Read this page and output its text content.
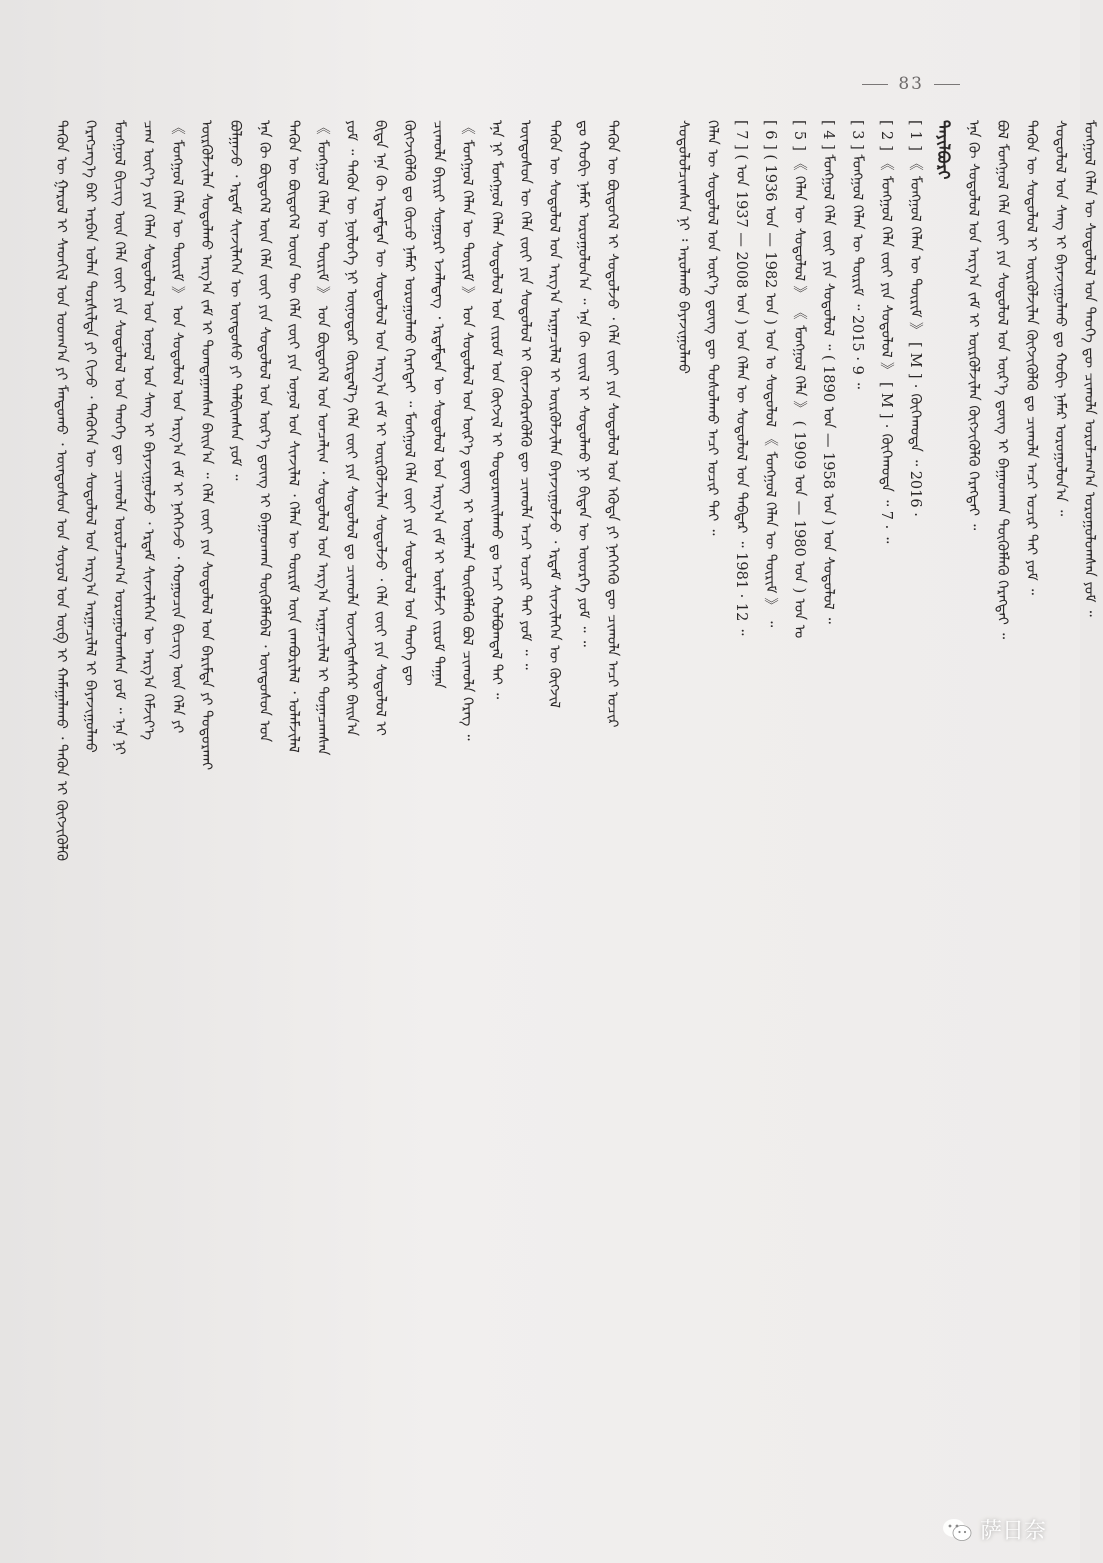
83
ᠲᠡᠭᠦᠨ ᠦ ᠭᠠᠷᠤᠯ ᠢ ᠰᠡᠳᠬᠢᠯ ᠤᠨ ᠤᠳᠬ᠎ᠠ ᠶᠢ ᠮᠠᠨᠳᠤᠬᠤ ᠂ ᠦᠨᠳᠦᠰᠦᠨ ᠤᠨ ᠰᠤᠶᠤᠯ ᠤᠨ ᠥᠪ ᠢ ᠬᠠᠮᠠᠭᠠᠯᠠᠬᠤ ᠂ ᠲᠡᠭᠦᠨ ᠢ ᠬᠥᠭᠵᠢᠭᠦᠯᠬᠦ ᠬᠡᠷᠡᠭᠴᠡᠭ᠎ᠡ ᠪᠠᠷ ᠠᠷᠪᠠᠨ ᠣᠯᠠᠨ ᠲᠤᠷᠰᠢᠯᠲᠠ ᠶᠢ ᠬᠢᠵᠦ ᠂ ᠲᠡᠭᠦᠬᠡᠨ ᠦ ᠰᠤᠳᠤᠯᠤᠯ ᠤᠨ ᠠᠷᠭ᠎ᠠ ᠠᠷᠭᠠᠴᠢᠯᠠᠯ ᠢ ᠪᠠᠶᠠᠵᠢᠭᠤᠯᠬᠤ ᠮᠣᠩᠭᠣᠯ ᠪᠢᠴᠢᠭ ᠦᠨ ᠬᠡᠯᠡ ᠵᠦᠢ ᠶᠢᠨ ᠰᠤᠳᠤᠯᠤᠯ ᠤᠨ ᠲᠡᠦᠬᠡ ᠳᠦ ᠴᠢᠬᠤᠯᠠ ᠤᠷᠤᠯᠴᠠᠭ᠎ᠠ ᠣᠷᠣᠭᠤᠯᠤᠭᠰᠠᠨ ᠶᠤᠮ ᠃ ᠡᠨᠡ ᠨᠢ ᠴᠠᠭ ᠦᠶ᠎ᠡ ᠶᠢᠨ ᠬᠡᠯᠡᠨ ᠰᠤᠳᠤᠯᠤᠯ ᠤᠨ ᠣᠨᠤᠯ ᠤᠨ ᠰᠠᠩ ᠢ ᠪᠠᠶᠠᠵᠢᠭᠤᠯᠵᠤ ᠂ ᠡᠷᠳᠡᠮ ᠰᠢᠨᠵᠢᠯᠡᠭᠡᠨ ᠦ ᠠᠷᠭ᠎ᠠ ᠬᠡᠮᠵᠢᠶ᠎ᠡ 《 ᠮᠣᠩᠭᠣᠯ ᠬᠡᠯᠡᠨ ᠦ ᠳᠦᠷᠢᠮ 》 ᠤᠨ ᠰᠤᠳᠤᠯᠤᠯ ᠤᠨ ᠠᠷᠭ᠎ᠠ ᠵᠠᠮ ᠢ ᠨᠡᠭᠡᠭᠡᠵᠦ ᠂ ᠬᠤᠭᠤᠴᠢᠨ ᠪᠢᠴᠢᠭ ᠦᠨ ᠬᠡᠯᠡ ᠶᠢ ᠦᠷᠭᠦᠯᠵᠢᠯᠡᠨ ᠰᠤᠳᠤᠯᠬᠤ ᠠᠷᠭ᠎ᠠ ᠵᠠᠮ ᠢ ᠲᠣᠭᠲᠠᠭᠠᠭᠰᠠᠨ ᠪᠠᠢᠨ᠎ᠠ ᠃ ᠬᠡᠯᠡ ᠵᠦᠢ ᠶᠢᠨ ᠰᠤᠳᠤᠯᠤᠯ ᠤᠨ ᠪᠠᠷᠢᠮᠲᠠ ᠶᠢ ᠲᠣᠳᠤᠷᠬᠠᠢ ᠪᠣᠯᠭᠠᠵᠤ ᠂ ᠡᠷᠳᠡᠮ ᠰᠢᠨᠵᠢᠯᠡᠭᠡᠨ ᠦ ᠦᠨᠳᠦᠰᠦ ᠶᠢ ᠲᠠᠯᠪᠢᠭᠰᠠᠨ ᠶᠤᠮ ᠃ ᠡᠨᠡ ᠬᠦ ᠪᠦᠲᠦᠭᠡᠯ ᠦᠨ ᠬᠡᠯᠡ ᠵᠦᠢ ᠶᠢᠨ ᠰᠤᠳᠤᠯᠤᠯ ᠤᠨ ᠦᠷ᠎ᠡ ᠳ᠋ᠦᠩ ᠢ ᠪᠠᠭᠠᠳᠬᠠᠨ ᠳᠦᠭᠦᠮᠯᠡᠪᠡᠯ ᠂ ᠦᠨᠳᠦᠰᠦᠨ ᠤᠨ ᠲᠡᠭᠦᠨ ᠦ ᠪᠦᠲᠦᠭᠡᠯ ᠦᠳ ᠲᠦ ᠬᠡᠯᠡ ᠵᠦᠢ ᠶᠢᠨ ᠣᠨᠤᠯ ᠤᠨ ᠰᠢᠨᠵᠢᠯᠡᠯ ᠂ ᠬᠡᠯᠡᠨ ᠦ ᠳᠦᠷᠢᠮ ᠦᠨ ᠵᠠᠭᠪᠤᠷᠢᠯᠠᠯ ᠂ ᠤᠯᠠᠮᠵᠢᠯᠠᠯ 《 ᠮᠣᠩᠭᠣᠯ ᠬᠡᠯᠡᠨ ᠦ ᠳᠦᠷᠢᠮ 》 ᠤᠨ ᠪᠦᠲᠦᠭᠡᠯ ᠤᠨ ᠣᠨᠴᠠᠯᠢᠭ ᠂ ᠰᠤᠳᠤᠯᠤᠯ ᠤᠨ ᠠᠷᠭ᠎ᠠ ᠠᠷᠭᠠᠴᠢᠯᠠᠯ ᠢ ᠲᠣᠭᠠᠴᠠᠭᠰᠠᠨ ᠶᠤᠮ ᠃ ᠲᠡᠭᠦᠨ ᠦ ᠨᠥᠯᠦᠭᠡ ᠨᠢ ᠥᠨᠥᠳᠥᠷ ᠬᠦᠷᠲᠡᠯ᠎ᠡ ᠬᠡᠯᠡ ᠵᠦᠢ ᠶᠢᠨ ᠰᠤᠳᠤᠯᠤᠯ ᠳᠤ ᠴᠢᠬᠤᠯᠠ ᠦᠵᠡᠭᠳᠡᠰᠡᠭᠡᠷ ᠪᠠᠢᠨ᠎ᠠ ᠪᠢᠳᠡ ᠡᠨᠡ ᠬᠦ ᠡᠷᠳᠡᠮᠲᠡᠨ ᠦ ᠰᠤᠳᠤᠯᠤᠯ ᠤᠨ ᠠᠷᠭ᠎ᠠ ᠵᠠᠮ ᠢ ᠦᠷᠭᠦᠯᠵᠢᠯᠡᠨ ᠰᠤᠳᠤᠯᠵᠤ ᠂ ᠬᠡᠯᠡ ᠵᠦᠢ ᠶᠢᠨ ᠰᠤᠳᠤᠯᠤᠯ ᠢ ᠬᠥᠭᠵᠢᠭᠦᠯᠬᠦ ᠳᠤ ᠬᠦᠴᠦ ᠨᠡᠮᠡᠷ ᠣᠷᠣᠭᠤᠯᠬᠤ ᠬᠡᠷᠡᠭᠲᠡᠢ ᠃ ᠮᠣᠩᠭᠣᠯ ᠬᠡᠯᠡ ᠵᠦᠢ ᠶᠢᠨ ᠰᠤᠳᠤᠯᠤᠯ ᠤᠨ ᠲᠡᠦᠬᠡ ᠳᠦ ᠴᠢᠬᠤᠯᠠ ᠪᠠᠶᠢᠷᠢ ᠰᠤᠭᠤᠷᠢ ᠡᠵᠡᠯᠡᠳᠡᠭ ᠂ ᠡᠷᠳᠡᠮᠲᠡᠨ ᠦ ᠰᠤᠳᠤᠯᠤᠯ ᠤᠨ ᠠᠷᠭ᠎ᠠ ᠵᠠᠮ ᠢ ᠦᠯᠡᠮᠵᠢ ᠵᠢᠷᠤᠮ ᠳᠠᠭᠠᠨ 《 ᠮᠣᠩᠭᠣᠯ ᠬᠡᠯᠡᠨ ᠦ ᠳᠦᠷᠢᠮ 》 ᠤᠨ ᠰᠤᠳᠤᠯᠤᠯ ᠤᠨ ᠦᠷ᠎ᠡ ᠳ᠋ᠦᠩ ᠢ ᠦᠨᠡᠯᠡᠨ ᠳᠦᠭᠦᠮᠯᠡᠬᠦ ᠪᠣᠯ ᠴᠢᠬᠤᠯᠠ ᠬᠡᠷᠡᠭ ᠃ ᠡᠨᠡ ᠨᠢ ᠮᠣᠩᠭᠣᠯ ᠬᠡᠯᠡᠨ ᠰᠤᠳᠤᠯᠤᠯ ᠤᠨ ᠵᠢᠷᠤᠮ ᠤᠨ ᠬᠥᠭᠵᠢᠯ ᠢ ᠲᠣᠳᠤᠷᠬᠠᠢᠯᠠᠬᠤ ᠳᠤ ᠠᠴᠢ ᠬᠣᠯᠪᠣᠭᠳᠠᠯ ᠲᠠᠢ ᠃ ᠦᠨᠳᠦᠰᠦᠨ ᠦ ᠬᠡᠯᠡ ᠵᠦᠢ ᠶᠢᠨ ᠰᠤᠳᠤᠯᠤᠯ ᠢ ᠭᠦᠨᠵᠡᠭᠦᠷᠡᠭᠦᠯᠬᠦ ᠳᠦ ᠴᠢᠬᠤᠯᠠ ᠠᠴᠢ ᠤᠴᠢᠷ ᠲᠠᠢ ᠶᠤᠮ ᠃ ᠃ ᠲᠡᠭᠦᠨ ᠦ ᠰᠤᠳᠤᠯᠤᠯ ᠤᠨ ᠠᠷᠭ᠎ᠠ ᠠᠷᠭᠠᠴᠢᠯᠠᠯ ᠢ ᠦᠷᠭᠦᠯᠵᠢᠯᠡᠨ ᠪᠠᠶᠠᠵᠢᠭᠤᠯᠵᠤ ᠂ ᠡᠷᠳᠡᠮ ᠰᠢᠨᠵᠢᠯᠡᠭᠡᠨ ᠦ ᠬᠥᠭᠵᠢᠯ ᠳᠤ ᠬᠤᠪᠢ ᠨᠡᠮᠡᠷ ᠣᠷᠣᠭᠤᠯᠤᠨ᠎ᠠ ᠃ ᠡᠨᠡ ᠬᠦ ᠵᠦᠢᠯ ᠢ ᠰᠤᠳᠤᠯᠬᠤ ᠨᠢ ᠪᠢᠳᠡᠨ ᠦ ᠦᠦᠷᠭᠡ ᠶᠤᠮ ᠃ ᠃ ᠲᠡᠭᠦᠨ ᠦ ᠪᠦᠲᠦᠭᠡᠯ ᠢ ᠰᠤᠳᠤᠯᠵᠤ ᠂ ᠬᠡᠯᠡ ᠵᠦᠢ ᠶᠢᠨ ᠰᠤᠳᠤᠯᠤᠯ ᠤᠨ ᠡᠭᠦᠳᠡ ᠶᠢ ᠨᠡᠭᠡᠭᠡᠬᠦ ᠳᠦ ᠴᠢᠬᠤᠯᠠ ᠠᠴᠢ ᠤᠴᠢᠷ	ᠰᠤᠳᠤᠯᠤᠯᠴᠢᠭᠰᠠᠨ ᠨᠢ ᠄ ᠠᠷᠤᠯᠠᠬᠤ ᠪᠠᠶᠠᠵᠢᠭᠤᠯᠬᠤ ᠬᠡᠯᠡᠨ ᠦ ᠰᠤᠳᠤᠯᠤᠯ ᠤᠨ ᠦᠷ᠎ᠡ ᠳ᠋ᠦᠩ ᠳᠦ ᠲᠤᠰᠤᠯᠠᠬᠤ ᠠᠴᠢ ᠤᠴᠢᠷ ᠲᠠᠢ ᠃ [ 7 ] ( ᠣᠨ 1937 — 2008 ᠣᠨ ) ᠤᠨ ᠬᠡᠯᠡᠨ ᠦ ᠰᠤᠳᠤᠯᠤᠯ ᠤᠨ ᠳᠡᠪᠲᠡᠷ ᠃ 1981 · 12 ᠃ [ 6 ] ( 1936 ᠣᠨ — 1982 ᠣᠨ ) ᠣᠨ ᠤ ᠰᠤᠳᠤᠯᠤᠯ 《 ᠮᠣᠩᠭᠣᠯ ᠬᠡᠯᠡᠨ ᠦ ᠳᠦᠷᠢᠮ 》 ᠃ [ 5 ] 《 ᠬᠡᠯᠡᠨ ᠦ ᠰᠤᠳᠤᠯᠤᠯ 》 《 ᠮᠣᠩᠭᠣᠯ ᠬᠡᠯᠡ 》 ( 1909 ᠣᠨ — 1980 ᠣᠨ ) ᠣᠨ ᠤ [ 4 ] ᠮᠣᠩᠭᠣᠯ ᠬᠡᠯᠡ ᠵᠦᠢ ᠶᠢᠨ ᠰᠤᠳᠤᠯᠤᠯ ᠃ ( 1890 ᠣᠨ — 1958 ᠣᠨ ) ᠤᠨ ᠰᠤᠳᠤᠯᠤᠯ ᠃ [ 3 ] ᠮᠣᠩᠭᠣᠯ ᠬᠡᠯᠡᠨ ᠦ ᠳᠦᠷᠢᠮ ᠃ 2015 · 9 ᠃ [ 2 ] 《 ᠮᠣᠩᠭᠣᠯ ᠬᠡᠯᠡ ᠵᠦᠢ ᠶᠢᠨ ᠰᠤᠳᠤᠯᠤᠯ 》 [ M ] · ᠬᠥᠬᠡᠬᠣᠲᠠ ᠃ 7 · ᠃ [ 1 ] 《 ᠮᠣᠩᠭᠣᠯ ᠬᠡᠯᠡᠨ ᠦ ᠳᠦᠷᠢᠮ 》 [ M ] · ᠬᠥᠬᠡᠬᠣᠲᠠ ᠃ 2016 · ᠲᠠᠶᠢᠯᠪᠤᠷᠢ ᠡᠨᠡ ᠬᠦ ᠰᠤᠳᠤᠯᠤᠯ ᠤᠨ ᠠᠷᠭ᠎ᠠ ᠵᠠᠮ ᠢ ᠦᠷᠭᠦᠯᠵᠢᠯᠡᠨ ᠬᠥᠭᠵᠢᠭᠦᠯᠬᠦ ᠬᠡᠷᠡᠭᠲᠡᠢ ᠃ ᠪᠣᠯ ᠮᠣᠩᠭᠣᠯ ᠬᠡᠯᠡ ᠵᠦᠢ ᠶᠢᠨ ᠰᠤᠳᠤᠯᠤᠯ ᠤᠨ ᠦᠷ᠎ᠡ ᠳ᠋ᠦᠩ ᠢ ᠪᠠᠭᠠᠳᠬᠠᠨ ᠳᠦᠭᠦᠮᠯᠡᠬᠦ ᠬᠡᠷᠡᠭᠲᠡᠢ ᠃ ᠲᠡᠭᠦᠨ ᠦ ᠰᠤᠳᠤᠯᠤᠯ ᠢ ᠦᠷᠭᠦᠯᠵᠢᠯᠡᠨ ᠬᠥᠭᠵᠢᠭᠦᠯᠬᠦ ᠳᠤ ᠴᠢᠬᠤᠯᠠ ᠠᠴᠢ ᠤᠴᠢᠷ ᠲᠠᠢ ᠶᠤᠮ ᠃ ᠰᠤᠳᠤᠯᠤᠯ ᠤᠨ ᠰᠠᠩ ᠢ ᠪᠠᠶᠠᠵᠢᠭᠤᠯᠬᠤ ᠳᠤ ᠬᠤᠪᠢ ᠨᠡᠮᠡᠷ ᠣᠷᠣᠭᠤᠯᠤᠨ᠎ᠠ ᠃ ᠮᠣᠩᠭᠣᠯ ᠬᠡᠯᠡᠨ ᠦ ᠰᠤᠳᠤᠯᠤᠯ ᠤᠨ ᠲᠡᠦᠬᠡ ᠳᠦ ᠴᠢᠬᠤᠯᠠ ᠤᠷᠤᠯᠴᠠᠭ᠎ᠠ ᠣᠷᠣᠭᠤᠯᠤᠭᠰᠠᠨ ᠶᠤᠮ ᠃
萨日奈
